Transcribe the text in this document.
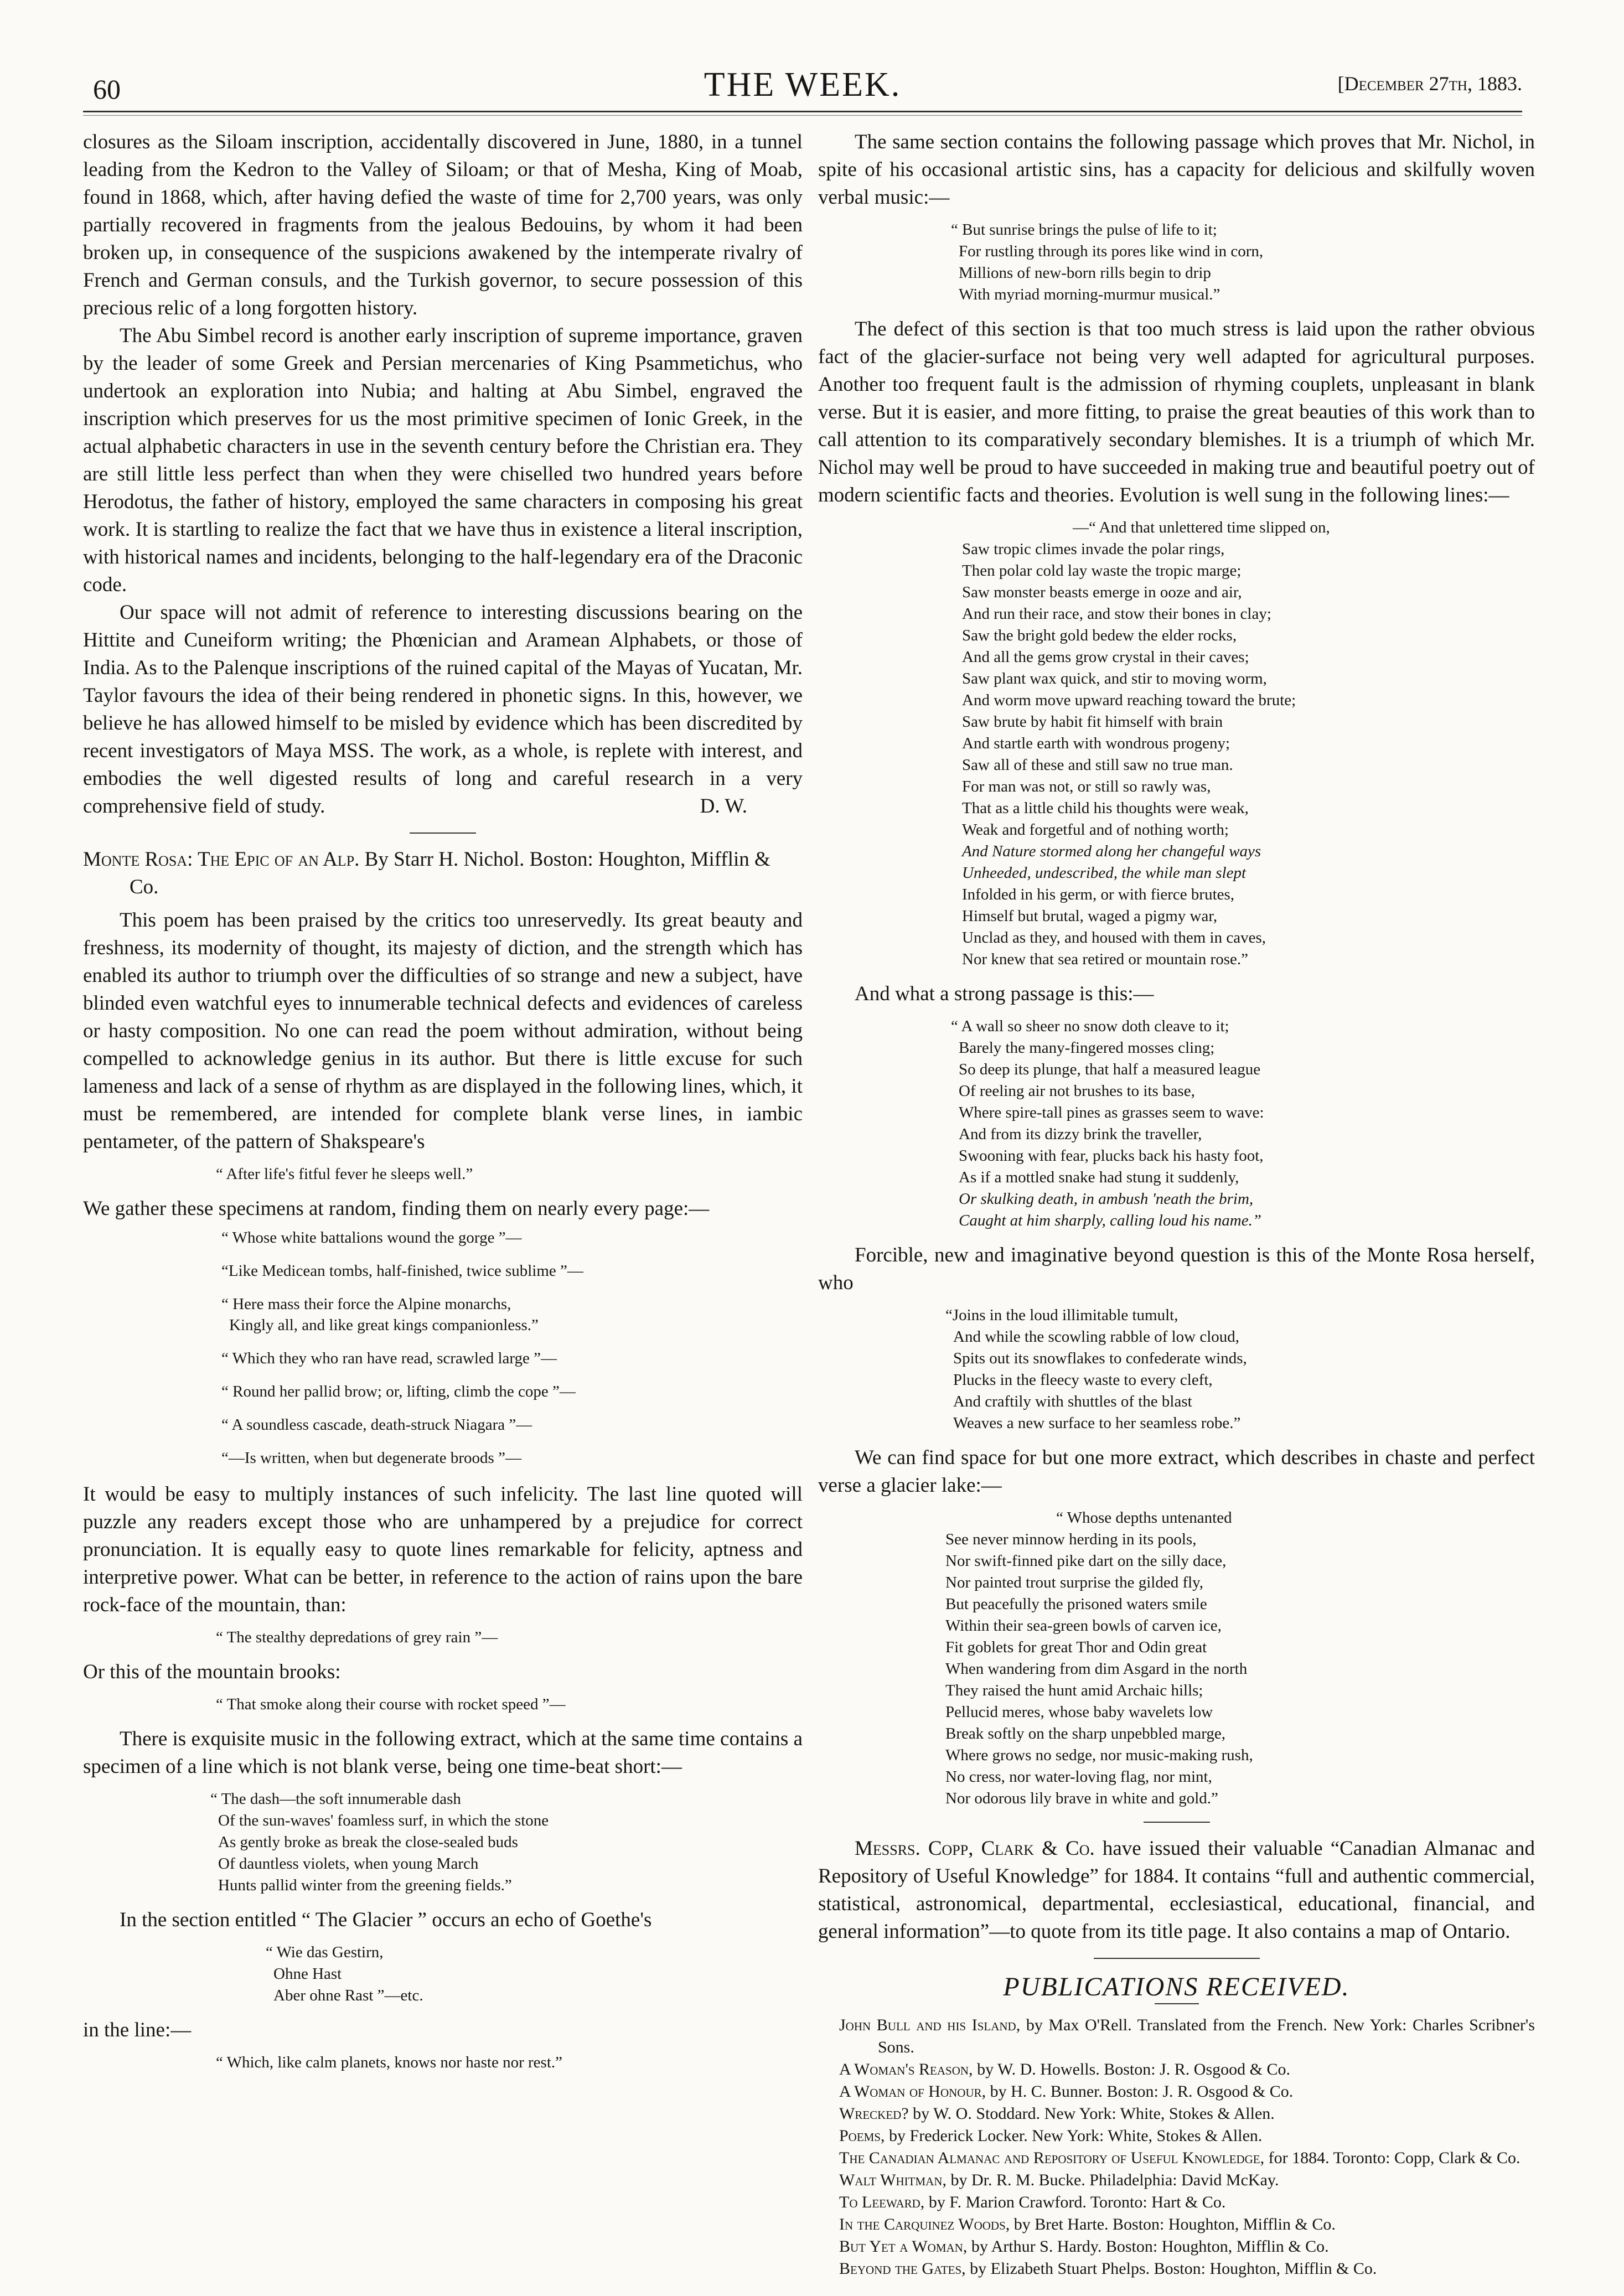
60	THE WEEK.	[December 27th, 1883.

closures as the Siloam inscription, accidentally discovered in June, 1880, in a tunnel leading from the Kedron to the Valley of Siloam; or that of Mesha, King of Moab, found in 1868, which, after having defied the waste of time for 2,700 years, was only partially recovered in fragments from the jealous Bedouins, by whom it had been broken up, in consequence of the suspicions awakened by the intemperate rivalry of French and German consuls, and the Turkish governor, to secure possession of this precious relic of a long forgotten history.

The Abu Simbel record is another early inscription of supreme importance, graven by the leader of some Greek and Persian mercenaries of King Psammetichus, who undertook an exploration into Nubia; and halting at Abu Simbel, engraved the inscription which preserves for us the most primitive specimen of Ionic Greek, in the actual alphabetic characters in use in the seventh century before the Christian era. They are still little less perfect than when they were chiselled two hundred years before Herodotus, the father of history, employed the same characters in composing his great work. It is startling to realize the fact that we have thus in existence a literal inscription, with historical names and incidents, belonging to the half-legendary era of the Draconic code.

Our space will not admit of reference to interesting discussions bearing on the Hittite and Cuneiform writing; the Phœnician and Aramean Alphabets, or those of India. As to the Palenque inscriptions of the ruined capital of the Mayas of Yucatan, Mr. Taylor favours the idea of their being rendered in phonetic signs. In this, however, we believe he has allowed himself to be misled by evidence which has been discredited by recent investigators of Maya MSS. The work, as a whole, is replete with interest, and embodies the well digested results of long and careful research in a very comprehensive field of study.	D. W.

Monte Rosa: The Epic of an Alp. By Starr H. Nichol. Boston: Houghton, Mifflin & Co.

This poem has been praised by the critics too unreservedly. Its great beauty and freshness, its modernity of thought, its majesty of diction, and the strength which has enabled its author to triumph over the difficulties of so strange and new a subject, have blinded even watchful eyes to innumerable technical defects and evidences of careless or hasty composition. No one can read the poem without admiration, without being compelled to acknowledge genius in its author. But there is little excuse for such lameness and lack of a sense of rhythm as are displayed in the following lines, which, it must be remembered, are intended for complete blank verse lines, in iambic pentameter, of the pattern of Shakspeare's

“ After life's fitful fever he sleeps well.”

We gather these specimens at random, finding them on nearly every page:—

“ Whose white battalions wound the gorge ”—
“Like Medicean tombs, half-finished, twice sublime ”—
“ Here mass their force the Alpine monarchs,
Kingly all, and like great kings companionless.”
“ Which they who ran have read, scrawled large ”—
“ Round her pallid brow; or, lifting, climb the cope ”—
“ A soundless cascade, death-struck Niagara ”—
“—Is written, when but degenerate broods ”—

It would be easy to multiply instances of such infelicity. The last line quoted will puzzle any readers except those who are unhampered by a prejudice for correct pronunciation. It is equally easy to quote lines remarkable for felicity, aptness and interpretive power. What can be better, in reference to the action of rains upon the bare rock-face of the mountain, than:

“ The stealthy depredations of grey rain ”—

Or this of the mountain brooks:

“ That smoke along their course with rocket speed ”—

There is exquisite music in the following extract, which at the same time contains a specimen of a line which is not blank verse, being one time-beat short:—

“ The dash—the soft innumerable dash
Of the sun-waves' foamless surf, in which the stone
As gently broke as break the close-sealed buds
Of dauntless violets, when young March
Hunts pallid winter from the greening fields.”

In the section entitled “ The Glacier ” occurs an echo of Goethe's

“ Wie das Gestirn,
Ohne Hast
Aber ohne Rast ”—etc.

in the line:—

“ Which, like calm planets, knows nor haste nor rest.”

The same section contains the following passage which proves that Mr. Nichol, in spite of his occasional artistic sins, has a capacity for delicious and skilfully woven verbal music:—

“ But sunrise brings the pulse of life to it;
For rustling through its pores like wind in corn,
Millions of new-born rills begin to drip
With myriad morning-murmur musical.”

The defect of this section is that too much stress is laid upon the rather obvious fact of the glacier-surface not being very well adapted for agricultural purposes. Another too frequent fault is the admission of rhyming couplets, unpleasant in blank verse. But it is easier, and more fitting, to praise the great beauties of this work than to call attention to its comparatively secondary blemishes. It is a triumph of which Mr. Nichol may well be proud to have succeeded in making true and beautiful poetry out of modern scientific facts and theories. Evolution is well sung in the following lines:—

—“ And that unlettered time slipped on,
Saw tropic climes invade the polar rings,
Then polar cold lay waste the tropic marge;
Saw monster beasts emerge in ooze and air,
And run their race, and stow their bones in clay;
Saw the bright gold bedew the elder rocks,
And all the gems grow crystal in their caves;
Saw plant wax quick, and stir to moving worm,
And worm move upward reaching toward the brute;
Saw brute by habit fit himself with brain
And startle earth with wondrous progeny;
Saw all of these and still saw no true man.
For man was not, or still so rawly was,
That as a little child his thoughts were weak,
Weak and forgetful and of nothing worth;
And Nature stormed along her changeful ways
Unheeded, undescribed, the while man slept
Infolded in his germ, or with fierce brutes,
Himself but brutal, waged a pigmy war,
Unclad as they, and housed with them in caves,
Nor knew that sea retired or mountain rose.”

And what a strong passage is this:—

“ A wall so sheer no snow doth cleave to it;
Barely the many-fingered mosses cling;
So deep its plunge, that half a measured league
Of reeling air not brushes to its base,
Where spire-tall pines as grasses seem to wave:
And from its dizzy brink the traveller,
Swooning with fear, plucks back his hasty foot,
As if a mottled snake had stung it suddenly,
Or skulking death, in ambush 'neath the brim,
Caught at him sharply, calling loud his name.”

Forcible, new and imaginative beyond question is this of the Monte Rosa herself, who

“Joins in the loud illimitable tumult,
And while the scowling rabble of low cloud,
Spits out its snowflakes to confederate winds,
Plucks in the fleecy waste to every cleft,
And craftily with shuttles of the blast
Weaves a new surface to her seamless robe.”

We can find space for but one more extract, which describes in chaste and perfect verse a glacier lake:—

“ Whose depths untenanted
See never minnow herding in its pools,
Nor swift-finned pike dart on the silly dace,
Nor painted trout surprise the gilded fly,
But peacefully the prisoned waters smile
Within their sea-green bowls of carven ice,
Fit goblets for great Thor and Odin great
When wandering from dim Asgard in the north
They raised the hunt amid Archaic hills;
Pellucid meres, whose baby wavelets low
Break softly on the sharp unpebbled marge,
Where grows no sedge, nor music-making rush,
No cress, nor water-loving flag, nor mint,
Nor odorous lily brave in white and gold.”

Messrs. Copp, Clark & Co. have issued their valuable “Canadian Almanac and Repository of Useful Knowledge” for 1884. It contains “full and authentic commercial, statistical, astronomical, departmental, ecclesiastical, educational, financial, and general information”—to quote from its title page. It also contains a map of Ontario.

PUBLICATIONS RECEIVED.
John Bull and his Island, by Max O'Rell. Translated from the French. New York: Charles Scribner's Sons.
A Woman's Reason, by W. D. Howells. Boston: J. R. Osgood & Co.
A Woman of Honour, by H. C. Bunner. Boston: J. R. Osgood & Co.
Wrecked? by W. O. Stoddard. New York: White, Stokes & Allen.
Poems, by Frederick Locker. New York: White, Stokes & Allen.
The Canadian Almanac and Repository of Useful Knowledge, for 1884. Toronto: Copp, Clark & Co.
Walt Whitman, by Dr. R. M. Bucke. Philadelphia: David McKay.
To Leeward, by F. Marion Crawford. Toronto: Hart & Co.
In the Carquinez Woods, by Bret Harte. Boston: Houghton, Mifflin & Co.
But Yet a Woman, by Arthur S. Hardy. Boston: Houghton, Mifflin & Co.
Beyond the Gates, by Elizabeth Stuart Phelps. Boston: Houghton, Mifflin & Co.
